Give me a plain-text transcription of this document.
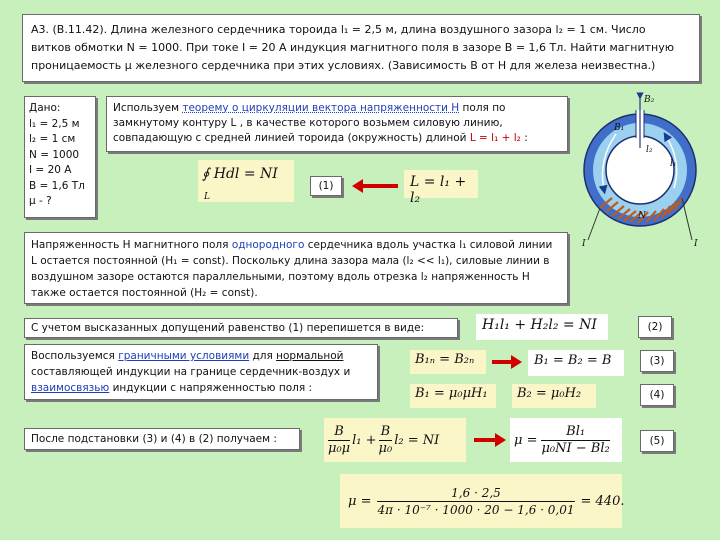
А3. (В.11.42). Длина железного сердечника тороида l₁ = 2,5 м, длина воздушного зазора l₂ = 1 см. Число
витков обмотки N = 1000. При токе I = 20 А индукция магнитного поля в зазоре B = 1,6 Тл. Найти магнитную
проницаемость μ железного сердечника при этих условиях. (Зависимость B от H для железа неизвестна.)
Дано:
l₁ = 2,5 м
l₂ = 1 см
N = 1000
I = 20 А
B = 1,6 Тл
μ - ?
Используем теорему о циркуляции вектора напряженности H поля по замкнутому контуру L , в качестве которого возьмем силовую линию, совпадающую с средней линией тороида (окружность) длиной L = l₁ + l₂ :
∮ Hdl = NI
L
(1)	L = l₁ + l₂
B₁
l₂
l₁
B₂
I	I
N
Напряженность H магнитного поля однородного сердечника вдоль участка l₁ силовой линии L остается постоянной (H₁ = const). Поскольку длина зазора мала (l₂ << l₁), силовые линии в воздушном зазоре остаются параллельными, поэтому вдоль отрезка l₂ напряженность H также остается постоянной (H₂ = const).
С учетом высказанных допущений равенство (1) перепишется в виде:	H₁l₁ + H₂l₂ = NI	(2)
Воспользуемся граничными условиями для нормальной составляющей индукции на границе сердечник-воздух и взаимосвязью индукции с напряженностью поля :
B₁ₙ = B₂ₙ	B₁ = B₂ = B	(3)
B₁ = μ₀μH₁	B₂ = μ₀H₂	(4)
После подстановки (3) и (4) в (2) получаем :	$\frac{B}{\text{μ₀μ}} l_1 + \frac{B}{\text{μ₀}} l_2$ = NI	$\mu = \frac{\text{Bl₁}}{\text{μ₀NI − Bl₂}}$	(5)
$\mu = \frac{1,6 \cdot 2,5}{\text{4π · 10⁻⁷ · 1000 · 20 − 1,6 · 0,01}} = 440$.
